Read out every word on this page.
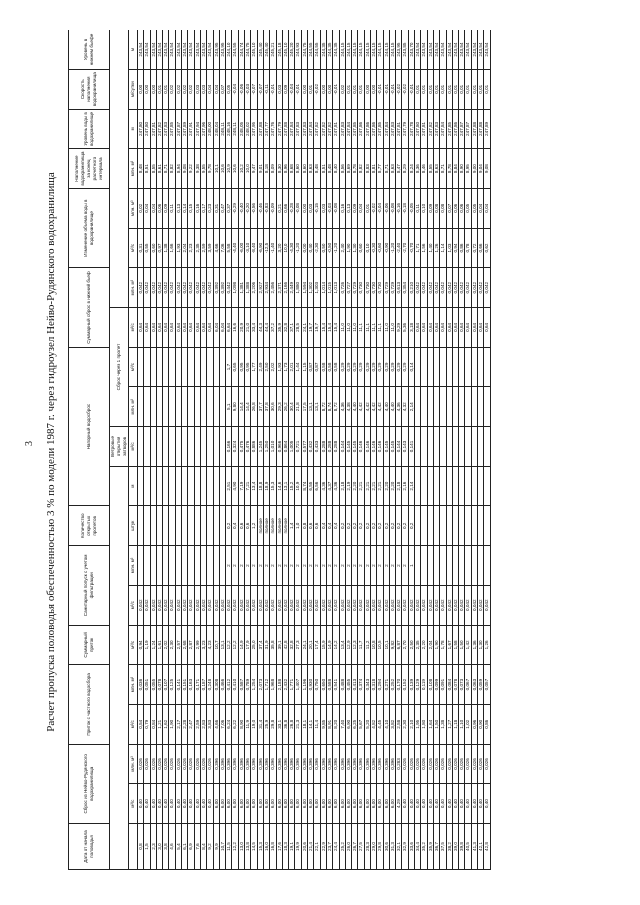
3 Расчет пропуска половодья обеспеченностью 3 % по модели 1987 г. через гидроузел Нейво-Рудянского водохранилища
Дата от начала половодья	Сброс из Нейво-Рудянского водохранилища		Приток с частного водосбора		Суммарный приток	Санитарный попуск с учетом фильтрации		Количество открытых пролетов	Напорный водосброс				Суммарный сброс в нижний бьеф		Изменение объема воды в водохранилище		Наполнение водохранилища за конец расчетного интервала	Уровень воды в водохранилище	Скорость наполнения водохранилища	Уровень в нижнем бьефе
										Ветровые открытия затворов	Сброс через 1 пролет									
	м³/с	млн. м³	м³/с	млн. м³	м³/с	м³/с	млн. м³	штук	м	м³/с	млн. м³	м³/с	м³/с	млн. м³	м³/с	млн. м³	млн. м³	м	м/сутки	м
0,8	0,40	0,026	0,54	0,036	0,94	0,042							0,64	0,042	0,31	0,02	8,48	247,80	0,00	243,54
1,5	0,40	0,026	0,79	0,051	1,19	0,042							0,64	0,042	0,55	0,04	8,51	247,80	0,00	243,54
2,3	0,40	0,026	0,84	0,055	1,24	0,042							0,64	0,042	0,60	0,04	8,55	247,81	0,00	243,54
3,0	0,40	0,026	1,21	0,078	1,61	0,042							0,64	0,042	0,97	0,06	8,61	247,82	0,01	243,54
3,8	0,40	0,026	1,62	0,107	2,02	0,042							0,64	0,042	1,38	0,09	8,71	247,83	0,01	243,54
4,6	0,40	0,026	1,90	0,125	2,30	0,042							0,64	0,042	1,66	0,11	8,82	247,85	0,02	243,54
5,4	0,40	0,026	2,17	0,141	2,57	0,042							0,64	0,042	1,93	0,13	8,94	247,87	0,02	243,54
6,1	0,40	0,026	2,28	0,151	2,68	0,042							0,64	0,042	2,04	0,14	9,08	247,89	0,02	243,54
6,9	0,40	0,026	2,47	0,163	2,87	0,042							0,64	0,042	2,23	0,15	9,22	247,91	0,02	243,54
7,6	0,40	0,026	2,59	0,171	2,99	0,042							0,64	0,042	2,35	0,16	9,38	247,94	0,03	243,54
8,4	0,40	0,026	2,83	0,187	3,23	0,042							0,64	0,042	2,59	0,17	9,55	247,96	0,03	243,54
9,2	0,40	0,026	3,83	0,248	4,23	0,042							0,64	0,042	3,59	0,23	9,78	248,00	0,04	243,54
9,9	6,00	0,396	4,66	0,308	10,7	0,042							6,04	0,392	4,66	0,31	10,1	248,04	0,04	243,95
10,7	6,00	0,396	7,06	0,466	13,1	0,042							6,04	0,392	7,06	0,47	10,6	248,11	0,07	243,95
11,5	6,00	0,396	6,24	0,412	12,2	0,042	2	0,2	2,51	0,166	5,1	1,7	6,64	0,442	5,58	0,37	10,9	248,16	0,05	244,10
12,2	6,00	0,396	6,22	0,410	12,2	0,042	2	0,4	4,90	0,324	9,80	0,65	16,6	1,098	-4,40	-0,29	10,6	248,11	-0,04	244,55
13,0	6,00	0,396	8,90	0,587	14,9	0,042	2	0,6	7,19	0,475	14,4	0,95	20,9	1,381	-6,00	-0,40	10,2	248,05	-0,06	244,74
13,8	6,00	0,396	11,9	0,789	17,9	0,042	2	0,6	7,21	0,476	14,4	0,95	21,0	1,388	-3,10	-0,20	10,0	248,02	-0,03	244,75
14,5	6,00	0,396	19,0	1,254	25,0	0,042	2	1,2	13,4	0,886	26,8	1,77	33,4	2,206	-8,40	-0,56	9,47	247,95	-0,07	245,10
15,3	6,00	0,396	31,4	2,073	37,4	0,042	2	полное	18,8	1,245	37,7	2,49	44,3	2,927	-6,90	-0,46	9,01	247,88	-0,07	245,40
16,0	6,00	0,396	25,9	1,712	31,9	0,042	2	полное	18,9	1,250	37,8	2,50	44,4	2,934	-12,5	-0,83	8,18	247,77	-0,11	245,40
16,8	6,00	0,396	29,8	1,968	35,8	0,042	2	полное	15,3	1,010	30,6	2,02	37,2	2,456	-1,40	-0,09	8,09	247,76	-0,01	245,21
17,6	6,00	0,396	33,1	2,188	39,1	0,042	2	полное	14,6	0,966	29,3	1,93	35,9	2,371	3,20	0,21	8,30	247,79	0,03	245,18
18,3	6,00	0,396	36,8	2,432	42,8	0,042	2	полное	13,1	0,864	26,2	1,73	32,8	2,166	10,0	0,66	8,96	247,88	0,09	245,10
19,1	6,00	0,396	26,8	1,771	32,8	0,042	2	1,4	15,2	1,005	30,4	2,01	37,1	2,449	-4,30	-0,28	8,68	247,84	-0,04	245,20
19,9	6,00	0,396	21,3	1,407	27,3	0,042	2	1,0	10,9	0,721	21,8	1,44	28,5	1,880	-1,20	-0,08	8,60	247,83	-0,01	244,93
20,6	6,00	0,396	18,1	1,196	24,1	0,042	2	0,8	8,74	0,577	17,5	1,15	24,1	1,594	0,00	0,00	8,60	247,83	0,00	244,75
21,4	6,00	0,396	14,1	0,930	20,1	0,042	2	0,6	6,55	0,432	13,1	0,87	19,7	1,302	0,40	0,03	8,63	247,84	0,01	244,55
22,1	6,00	0,396	11,4	0,750	17,4	0,042	2	0,6	6,56	0,433	13,1	0,87	19,7	1,303	-2,30	-0,15	8,48	247,82	-0,02	244,55
22,9	6,00	0,396	9,85	0,650	15,9	0,042	2	0,4	4,36	0,288	8,72	0,58	15,4	1,014	0,50	0,03	8,51	247,82	0,00	244,35
23,7	6,00	0,396	8,91	0,588	14,9	0,042	2	0,4	4,37	0,288	8,74	0,58	15,4	1,015	-0,50	-0,03	8,48	247,82	0,00	244,35
24,4	6,00	0,396	8,20	0,541	14,2	0,042	2	0,4	4,36	0,288	8,72	0,58	15,4	1,013	-1,20	-0,08	8,40	247,81	-0,01	244,35
25,2	6,00	0,396	7,40	0,488	13,4	0,042	2	0,2	2,18	0,144	4,36	0,29	11,0	0,726	2,40	0,16	8,56	247,83	0,02	244,15
26,0	6,00	0,396	6,90	0,455	12,9	0,042	2	0,2	2,19	0,145	4,38	0,29	11,0	0,727	1,90	0,13	8,69	247,84	0,01	244,15
26,7	6,00	0,396	6,25	0,413	12,3	0,042	2	0,2	2,20	0,145	4,40	0,29	11,0	0,729	1,30	0,09	8,78	247,85	0,01	244,15
27,5	6,00	0,396	5,67	0,374	11,7	0,042	2	0,2	2,21	0,146	4,42	0,29	11,1	0,730	0,60	0,04	8,82	247,86	0,01	244,15
28,3	6,00	0,396	5,20	0,343	11,2	0,042	2	0,2	2,21	0,146	4,42	0,29	11,1	0,730	0,10	0,01	8,83	247,86	0,00	244,15
29,0	6,00	0,396	4,82	0,318	10,8	0,042	2	0,2	2,21	0,146	4,42	0,29	11,1	0,730	-0,30	-0,02	8,81	247,86	0,00	244,15
29,8	6,00	0,396	4,45	0,294	10,5	0,042	2	0,2	2,21	0,146	4,42	0,29	11,1	0,730	-0,60	-0,04	8,77	247,85	-0,01	244,15
30,6	6,00	0,396	4,10	0,271	10,1	0,042	2	0,2	2,20	0,145	4,40	0,29	11,0	0,729	-0,90	-0,06	8,71	247,84	-0,01	244,15
31,3	6,00	0,396	3,82	0,252	9,82	0,042	2	0,2	2,20	0,145	4,40	0,29	11,0	0,729	-1,20	-0,08	8,63	247,83	-0,01	244,15
32,1	4,29	0,283	2,58	0,170	6,87	0,042	2	0,2	2,18	0,144	4,36	0,29	9,29	0,613	-2,40	-0,16	8,47	247,81	-0,02	243,95
32,9	0,40	0,026	2,30	0,152	2,70	0,042	2	0,2	2,16	0,143	4,32	0,29	5,36	0,354	-2,70	-0,18	8,29	247,79	-0,02	243,85
33,6	0,40	0,026	2,10	0,139	2,50	0,042	1	0,2	2,14	0,141	2,14	0,14	3,18	0,210	-0,70	-0,05	8,24	247,78	-0,01	243,70
34,4	0,40	0,026	1,95	0,129	2,35	0,042							0,64	0,042	1,71	0,11	8,36	247,80	0,01	243,54
35,2	0,40	0,026	1,80	0,119	2,20	0,042							0,64	0,042	1,56	0,10	8,46	247,81	0,01	243,54
35,9	0,40	0,026	1,64	0,108	2,04	0,042							0,64	0,042	1,40	0,09	8,55	247,82	0,01	243,54
36,7	0,40	0,026	1,50	0,099	1,90	0,042							0,64	0,042	1,26	0,08	8,63	247,83	0,01	243,54
37,5	0,40	0,026	1,38	0,091	1,78	0,042							0,64	0,042	1,14	0,08	8,71	247,84	0,01	243,54
38,2	0,40	0,026	1,27	0,084	1,67	0,042							0,64	0,042	1,03	0,07	8,78	247,85	0,01	243,54
39,0	0,40	0,026	1,18	0,078	1,58	0,042							0,64	0,042	0,94	0,06	8,84	247,86	0,01	243,54
39,8	0,40	0,026	1,10	0,073	1,50	0,042							0,64	0,042	0,86	0,06	8,90	247,87	0,01	243,54
40,5	0,40	0,026	1,02	0,067	1,42	0,042							0,64	0,042	0,78	0,05	8,95	247,87	0,01	243,54
41,3	0,40	0,026	0,96	0,063	1,36	0,042							0,64	0,042	0,72	0,05	9,00	247,88	0,01	243,54
42,1	0,40	0,026	0,90	0,059	1,30	0,042							0,64	0,042	0,66	0,04	9,04	247,88	0,01	243,54
42,8	0,40	0,026	0,86	0,057	1,26	0,042							0,64	0,042	0,62	0,04	9,08	247,89	0,01	243,54
